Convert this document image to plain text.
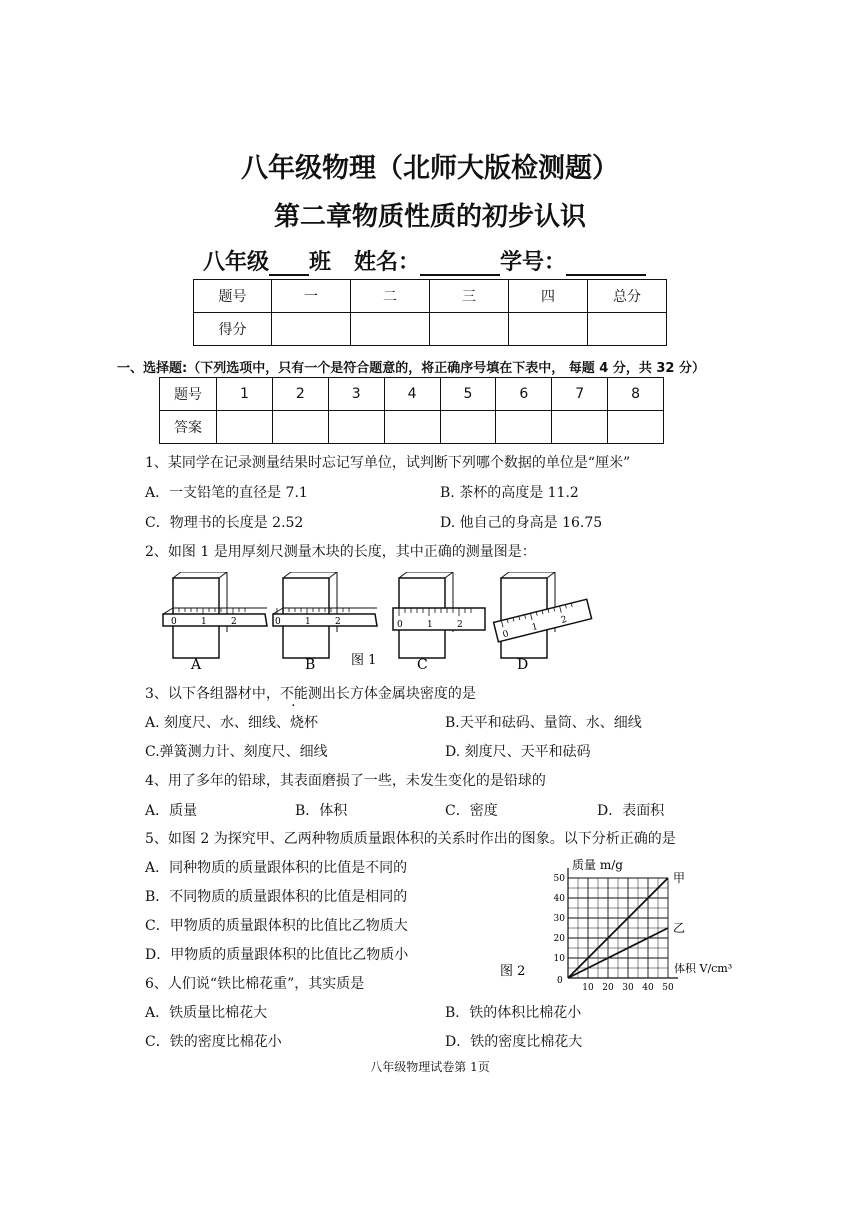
八年级物理（北师大版检测题）
第二章物质性质的初步认识
八年级 班 姓名：	学号：
题号	一	二	三	四	总分
得分					
一、选择题:（下列选项中，只有一个是符合题意的，将正确序号填在下表中， 每题 4 分，共 32 分）
题号	1	2	3	4	5	6	7	8
答案								
1、某同学在记录测量结果时忘记写单位，试判断下列哪个数据的单位是“厘米”
A．一支铅笔的直径是 7.1	B. 茶杯的高度是 11.2
C．物理书的长度是 2.52	D. 他自己的身高是 16.75
2、如图 1 是用厚刻尺测量木块的长度，其中正确的测量图是：
0	1	2
A
0	1	2
B	图 1
0	1	2
C
0
1
2
D
3、以下各组器材中，不能测出长方体金属块密度的是
A. 刻度尺、水、细线、烧杯	B.天平和砝码、量筒、水、细线
C.弹簧测力计、刻度尺、细线	D. 刻度尺、天平和砝码
4、用了多年的铅球，其表面磨损了一些，未发生变化的是铅球的
A．质量	B．体积	C．密度	D．表面积
5、如图 2 为探究甲、乙两种物质质量跟体积的关系时作出的图象。以下分析正确的是
A．同种物质的质量跟体积的比值是不同的
B．不同物质的质量跟体积的比值是相同的
C．甲物质的质量跟体积的比值比乙物质大
D．甲物质的质量跟体积的比值比乙物质小
质量 m/g
体积 V/cm³
图 2
0
10
20
30
40
50
10 20 30 40 50
甲
乙
6、人们说“铁比棉花重”，其实质是
A．铁质量比棉花大	B．铁的体积比棉花小
C．铁的密度比棉花小	D．铁的密度比棉花大
八年级物理试卷第 1页
